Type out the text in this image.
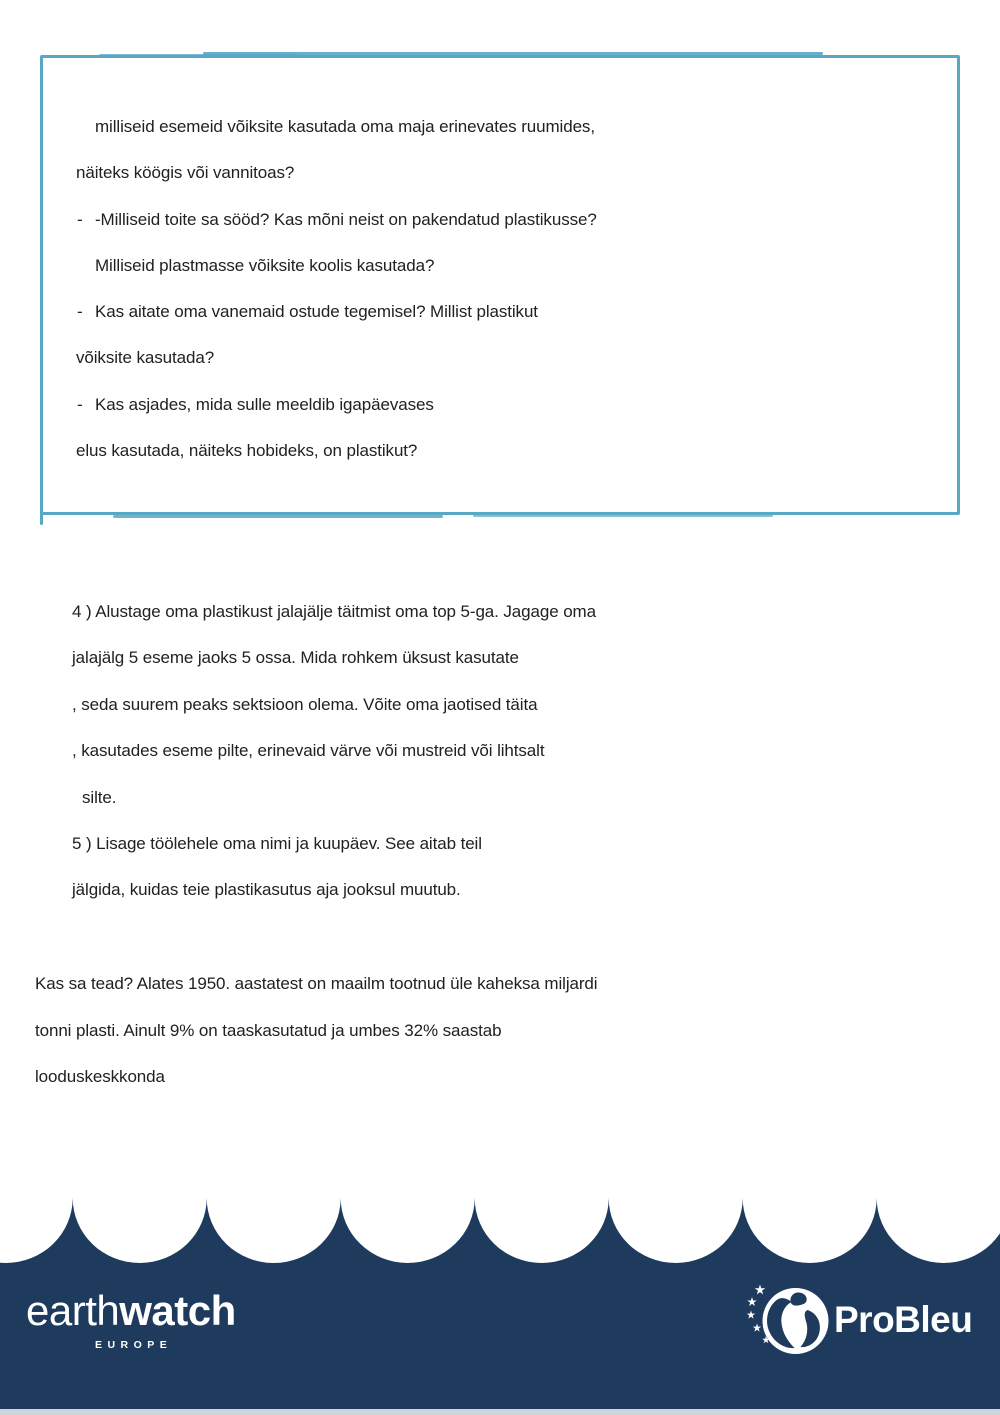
milliseid esemeid võiksite kasutada oma maja erinevates ruumides,
näiteks köögis või vannitoas?
- -Milliseid toite sa sööd? Kas mõni neist on pakendatud plastikusse?
Milliseid plastmasse võiksite koolis kasutada?
- Kas aitate oma vanemaid ostude tegemisel? Millist plastikut
võiksite kasutada?
- Kas asjades, mida sulle meeldib igapäevases
elus kasutada, näiteks hobideks, on plastikut?
4 ) Alustage oma plastikust jalajälje täitmist oma top 5-ga. Jagage oma
jalajälg 5 eseme jaoks 5 ossa. Mida rohkem üksust kasutate
, seda suurem peaks sektsioon olema. Võite oma jaotised täita
, kasutades eseme pilte, erinevaid värve või mustreid või lihtsalt
silte.
5 ) Lisage töölehele oma nimi ja kuupäev. See aitab teil
jälgida, kuidas teie plastikasutus aja jooksul muutub.
Kas sa tead? Alates 1950. aastatest on maailm tootnud üle kaheksa miljardi
tonni plasti. Ainult 9% on taaskasutatud ja umbes 32% saastab
looduskeskkonda
earthwatch
EUROPE
ProBleu
